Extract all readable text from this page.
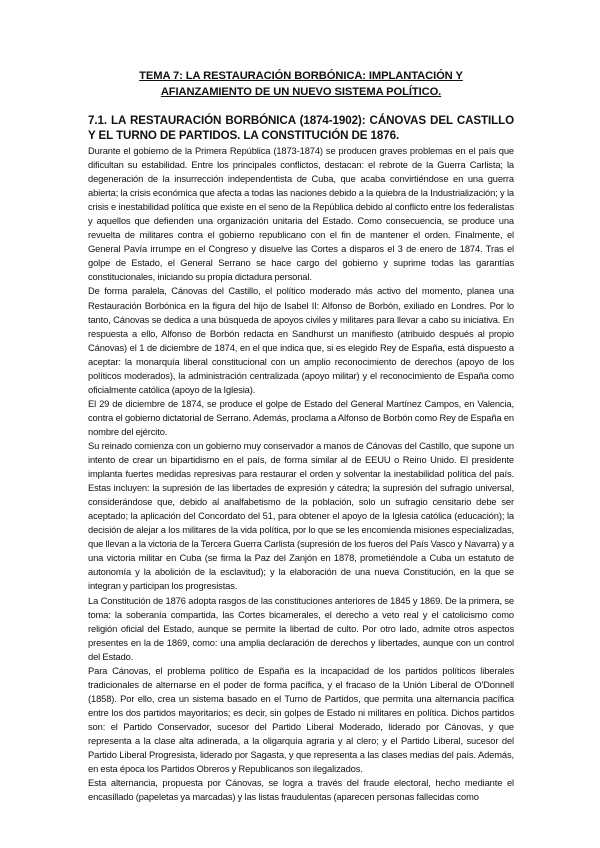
TEMA 7: LA RESTAURACIÓN BORBÓNICA: IMPLANTACIÓN Y AFIANZAMIENTO DE UN NUEVO SISTEMA POLÍTICO.
7.1. LA RESTAURACIÓN BORBÓNICA (1874-1902): CÁNOVAS DEL CASTILLO Y EL TURNO DE PARTIDOS. LA CONSTITUCIÓN DE 1876.

Durante el gobierno de la Primera República (1873-1874) se producen graves problemas en el país que dificultan su estabilidad. Entre los principales conflictos, destacan: el rebrote de la Guerra Carlista; la degeneración de la insurrección independentista de Cuba, que acaba convirtiéndose en una guerra abierta; la crisis económica que afecta a todas las naciones debido a la quiebra de la Industrialización; y la crisis e inestabilidad política que existe en el seno de la República debido al conflicto entre los federalistas y aquellos que defienden una organización unitaria del Estado. Como consecuencia, se produce una revuelta de militares contra el gobierno republicano con el fin de mantener el orden. Finalmente, el General Pavía irrumpe en el Congreso y disuelve las Cortes a disparos el 3 de enero de 1874. Tras el golpe de Estado, el General Serrano se hace cargo del gobierno y suprime todas las garantías constitucionales, iniciando su propia dictadura personal.

De forma paralela, Cánovas del Castillo, el político moderado más activo del momento, planea una Restauración Borbónica en la figura del hijo de Isabel II: Alfonso de Borbón, exiliado en Londres. Por lo tanto, Cánovas se dedica a una búsqueda de apoyos civiles y militares para llevar a cabo su iniciativa. En respuesta a ello, Alfonso de Borbón redacta en Sandhurst un manifiesto (atribuido después al propio Cánovas) el 1 de diciembre de 1874, en el que indica que, si es elegido Rey de España, está dispuesto a aceptar: la monarquía liberal constitucional con un amplio reconocimiento de derechos (apoyo de los políticos moderados), la administración centralizada (apoyo militar) y el reconocimiento de España como oficialmente católica (apoyo de la Iglesia).

El 29 de diciembre de 1874, se produce el golpe de Estado del General Martínez Campos, en Valencia, contra el gobierno dictatorial de Serrano. Además, proclama a Alfonso de Borbón como Rey de España en nombre del ejército.

Su reinado comienza con un gobierno muy conservador a manos de Cánovas del Castillo, que supone un intento de crear un bipartidismo en el país, de forma similar al de EEUU o Reino Unido. El presidente implanta fuertes medidas represivas para restaurar el orden y solventar la inestabilidad política del país. Estas incluyen: la supresión de las libertades de expresión y cátedra; la supresión del sufragio universal, considerándose que, debido al analfabetismo de la población, solo un sufragio censitario debe ser aceptado; la aplicación del Concordato del 51, para obtener el apoyo de la Iglesia católica (educación); la decisión de alejar a los militares de la vida política, por lo que se les encomienda misiones especializadas, que llevan a la victoria de la Tercera Guerra Carlista (supresión de los fueros del País Vasco y Navarra) y a una victoria militar en Cuba (se firma la Paz del Zanjón en 1878, prometiéndole a Cuba un estatuto de autonomía y la abolición de la esclavitud); y la elaboración de una nueva Constitución, en la que se integran y participan los progresistas.

La Constitución de 1876 adopta rasgos de las constituciones anteriores de 1845 y 1869. De la primera, se toma: la soberanía compartida, las Cortes bicamerales, el derecho a veto real y el catolicismo como religión oficial del Estado, aunque se permite la libertad de culto. Por otro lado, admite otros aspectos presentes en la de 1869, como: una amplia declaración de derechos y libertades, aunque con un control del Estado.

Para Cánovas, el problema político de España es la incapacidad de los partidos políticos liberales tradicionales de alternarse en el poder de forma pacífica, y el fracaso de la Unión Liberal de O'Donnell (1858). Por ello, crea un sistema basado en el Turno de Partidos, que permita una alternancia pacífica entre los dos partidos mayoritarios; es decir, sin golpes de Estado ni militares en política. Dichos partidos son: el Partido Conservador, sucesor del Partido Liberal Moderado, liderado por Cánovas, y que representa a la clase alta adinerada, a la oligarquía agraria y al clero; y el Partido Liberal, sucesor del Partido Liberal Progresista, liderado por Sagasta, y que representa a las clases medias del país. Además, en esta época los Partidos Obreros y Republicanos son ilegalizados.

Esta alternancia, propuesta por Cánovas, se logra a través del fraude electoral, hecho mediante el encasillado (papeletas ya marcadas) y las listas fraudulentas (aparecen personas fallecidas como
